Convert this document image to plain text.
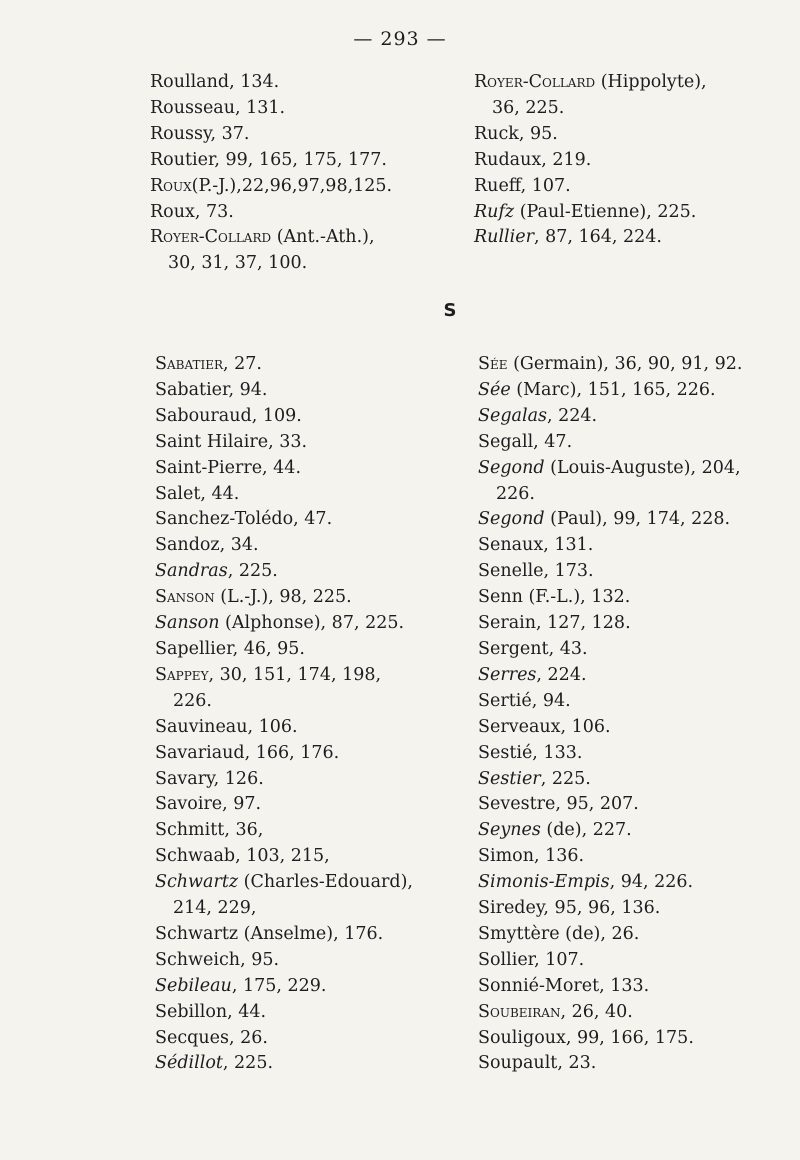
— 293 —
Roulland, 134.
Rousseau, 131.
Roussy, 37.
Routier, 99, 165, 175, 177.
Roux(P.-J.),22,96,97,98,125.
Roux, 73.
Royer-Collard (Ant.-Ath.),
30, 31, 37, 100.
Royer-Collard (Hippolyte),
36, 225.
Ruck, 95.
Rudaux, 219.
Rueff, 107.
Rufz (Paul-Etienne), 225.
Rullier, 87, 164, 224.
S
Sabatier, 27.
Sabatier, 94.
Sabouraud, 109.
Saint Hilaire, 33.
Saint-Pierre, 44.
Salet, 44.
Sanchez-Tolédo, 47.
Sandoz, 34.
Sandras, 225.
Sanson (L.-J.), 98, 225.
Sanson (Alphonse), 87, 225.
Sapellier, 46, 95.
Sappey, 30, 151, 174, 198,
226.
Sauvineau, 106.
Savariaud, 166, 176.
Savary, 126.
Savoire, 97.
Schmitt, 36,
Schwaab, 103, 215,
Schwartz (Charles-Edouard),
214, 229,
Schwartz (Anselme), 176.
Schweich, 95.
Sebileau, 175, 229.
Sebillon, 44.
Secques, 26.
Sédillot, 225.
Sée (Germain), 36, 90, 91, 92.
Sée (Marc), 151, 165, 226.
Segalas, 224.
Segall, 47.
Segond (Louis-Auguste), 204,
226.
Segond (Paul), 99, 174, 228.
Senaux, 131.
Senelle, 173.
Senn (F.-L.), 132.
Serain, 127, 128.
Sergent, 43.
Serres, 224.
Sertié, 94.
Serveaux, 106.
Sestié, 133.
Sestier, 225.
Sevestre, 95, 207.
Seynes (de), 227.
Simon, 136.
Simonis-Empis, 94, 226.
Siredey, 95, 96, 136.
Smyttère (de), 26.
Sollier, 107.
Sonnié-Moret, 133.
Soubeiran, 26, 40.
Souligoux, 99, 166, 175.
Soupault, 23.
